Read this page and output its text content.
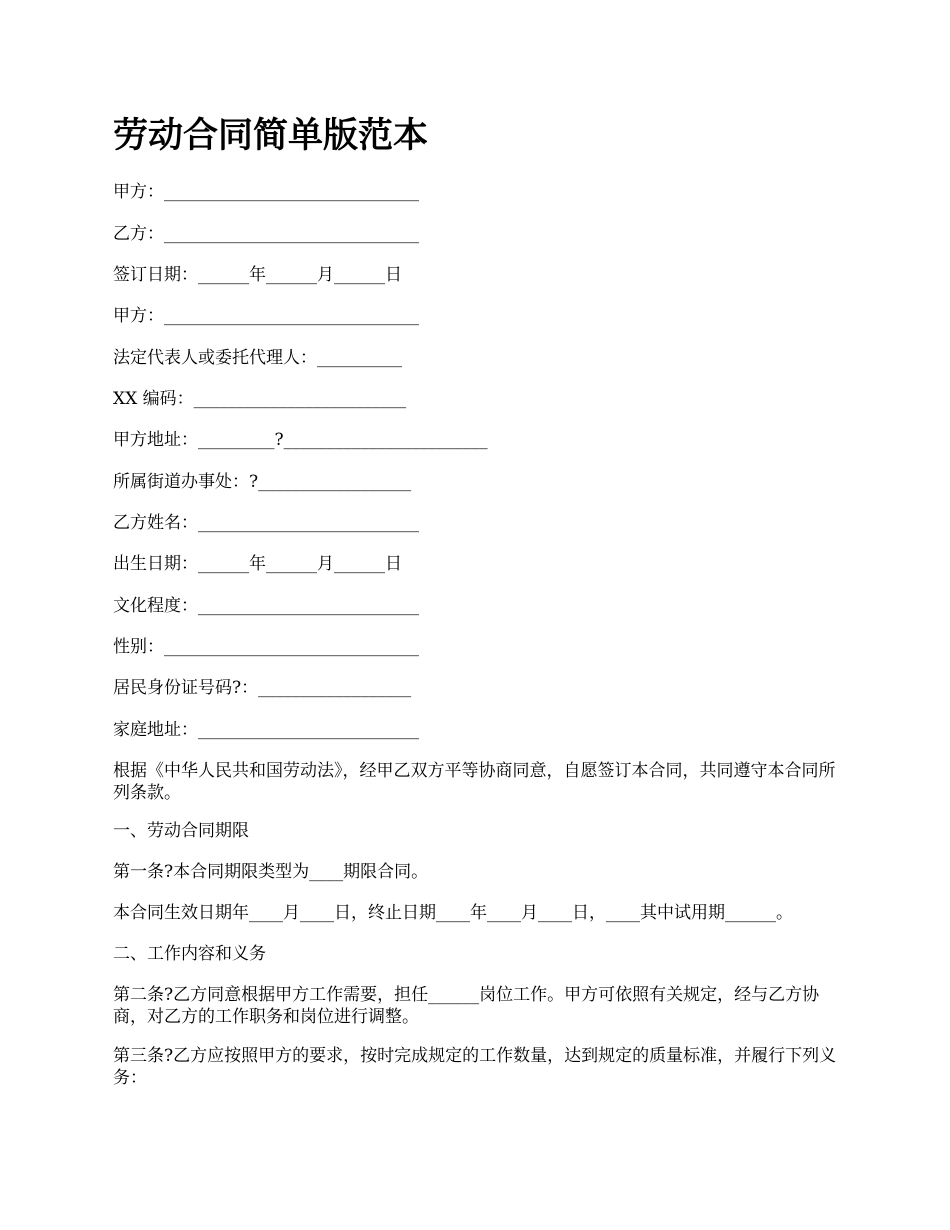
劳动合同简单版范本

甲方：______________________________

乙方：______________________________

签订日期：______年______月______日

甲方：______________________________

法定代表人或委托代理人：__________

XX 编码：_________________________

甲方地址：_________?________________________

所属街道办事处：?__________________

乙方姓名：__________________________

出生日期：______年______月______日

文化程度：__________________________

性别：______________________________

居民身份证号码?：__________________

家庭地址：__________________________

根据《中华人民共和国劳动法》，经甲乙双方平等协商同意，自愿签订本合同，共同遵守本合同所列条款。

一、劳动合同期限

第一条?本合同期限类型为____期限合同。

本合同生效日期年____月____日，终止日期____年____月____日，____其中试用期______。

二、工作内容和义务

第二条?乙方同意根据甲方工作需要，担任______岗位工作。甲方可依照有关规定，经与乙方协商，对乙方的工作职务和岗位进行调整。

第三条?乙方应按照甲方的要求，按时完成规定的工作数量，达到规定的质量标准，并履行下列义务：
